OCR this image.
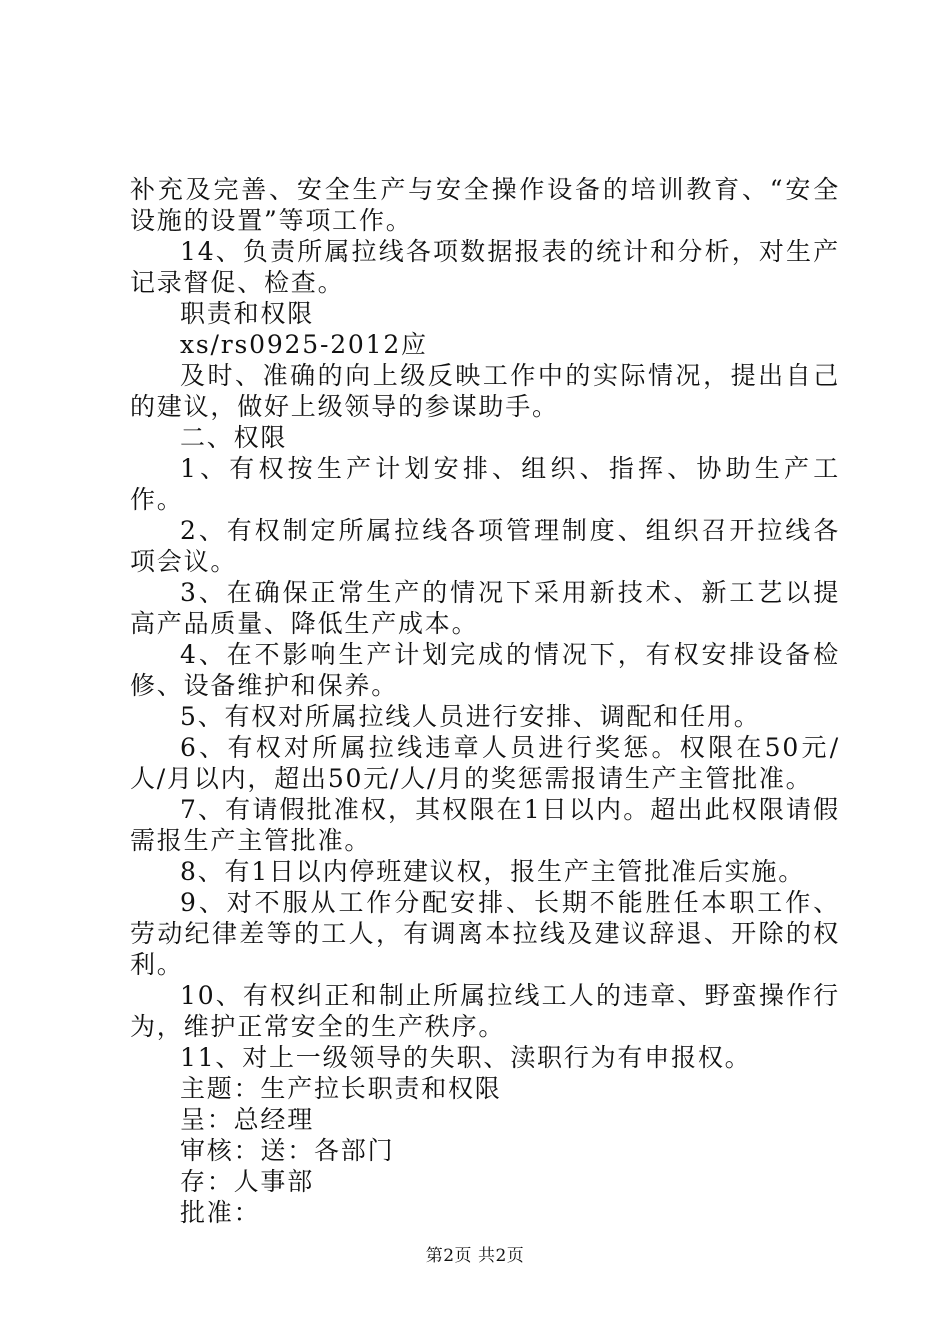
补充及完善、安全生产与安全操作设备的培训教育、“安全设施的设置”等项工作。

14、负责所属拉线各项数据报表的统计和分析，对生产记录督促、检查。

职责和权限

xs/rs0925-2012应

及时、准确的向上级反映工作中的实际情况，提出自己的建议，做好上级领导的参谋助手。

二、权限

1、有权按生产计划安排、组织、指挥、协助生产工作。

2、有权制定所属拉线各项管理制度、组织召开拉线各项会议。

3、在确保正常生产的情况下采用新技术、新工艺以提高产品质量、降低生产成本。

4、在不影响生产计划完成的情况下，有权安排设备检修、设备维护和保养。

5、有权对所属拉线人员进行安排、调配和任用。

6、有权对所属拉线违章人员进行奖惩。权限在50元/人/月以内，超出50元/人/月的奖惩需报请生产主管批准。

7、有请假批准权，其权限在1日以内。超出此权限请假需报生产主管批准。

8、有1日以内停班建议权，报生产主管批准后实施。

9、对不服从工作分配安排、长期不能胜任本职工作、劳动纪律差等的工人，有调离本拉线及建议辞退、开除的权利。

10、有权纠正和制止所属拉线工人的违章、野蛮操作行为，维护正常安全的生产秩序。

11、对上一级领导的失职、渎职行为有申报权。

主题：生产拉长职责和权限

呈：总经理

审核：送：各部门

存：人事部

批准：

第2页 共2页
